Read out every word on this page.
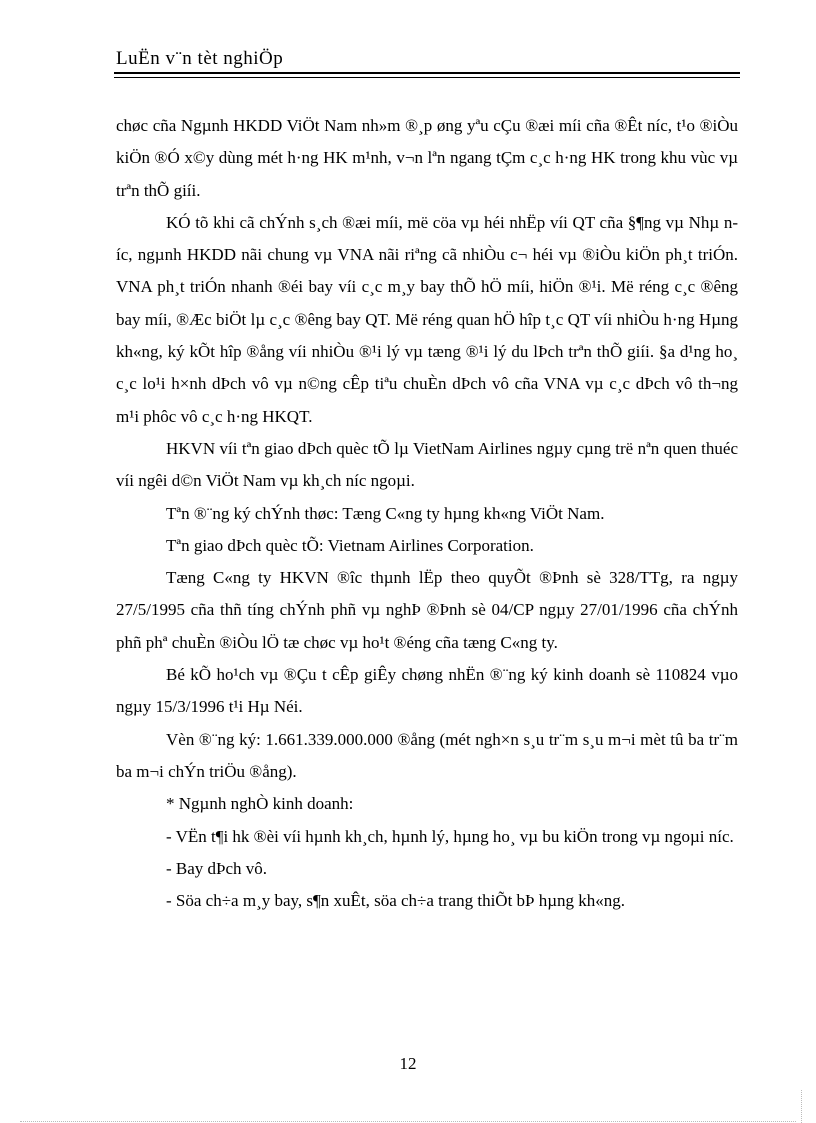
LuËn v¨n tèt nghiÖp

chøc cña Ngµnh HKDD ViÖt Nam nh»m ®¸p øng yªu cÇu ®æi míi cña ®Êt níc, t¹o ®iÒu kiÖn ®Ó x©y dùng mét h·ng HK m¹nh, v¬n lªn ngang tÇm c¸c h·ng HK trong khu vùc vµ trªn thÕ giíi.

KÓ tõ khi cã chÝnh s¸ch ®æi míi, më cöa vµ héi nhËp víi QT cña §¶ng vµ Nhµ níc, ngµnh HKDD nãi chung vµ VNA nãi riªng cã nhiÒu c¬ héi vµ ®iÒu kiÖn ph¸t triÓn. VNA ph¸t triÓn nhanh ®éi bay víi c¸c m¸y bay thÕ hÖ míi, hiÖn ®¹i. Më réng c¸c ®êng bay míi, ®Æc biÖt lµ c¸c ®êng bay QT. Më réng quan hÖ hîp t¸c QT víi nhiÒu h·ng Hµng kh«ng, ký kÕt hîp ®ång víi nhiÒu ®¹i lý vµ tæng ®¹i lý du lÞch trªn thÕ giíi. §a d¹ng ho¸ c¸c lo¹i h×nh dÞch vô vµ n©ng cÊp tiªu chuÈn dÞch vô cña VNA vµ c¸c dÞch vô th¬ng m¹i phôc vô c¸c h·ng HKQT.

HKVN víi tªn giao dÞch quèc tÕ lµ VietNam Airlines ngµy cµng trë nªn quen thuéc víi ngêi d©n ViÖt Nam vµ kh¸ch níc ngoµi.

Tªn ®¨ng ký chÝnh thøc: Tæng C«ng ty hµng kh«ng ViÖt Nam.

Tªn giao dÞch quèc tÕ: Vietnam Airlines Corporation.

Tæng C«ng ty HKVN ®îc thµnh lËp theo quyÕt ®Þnh sè 328/TTg, ra ngµy 27/5/1995 cña thñ tíng chÝnh phñ vµ nghÞ ®Þnh sè 04/CP ngµy 27/01/1996 cña chÝnh phñ phª chuÈn ®iÒu lÖ tæ chøc vµ ho¹t ®éng cña tæng C«ng ty.

Bé kÕ ho¹ch vµ ®Çu t cÊp giÊy chøng nhËn ®¨ng ký kinh doanh sè 110824 vµo ngµy 15/3/1996 t¹i Hµ Néi.

Vèn ®¨ng ký: 1.661.339.000.000 ®ång (mét ngh×n s¸u tr¨m s¸u m¬i mèt tû ba tr¨m ba m¬i chÝn triÖu ®ång).

* Ngµnh nghÒ kinh doanh:

- VËn t¶i hk ®èi víi hµnh kh¸ch, hµnh lý, hµng ho¸ vµ bu kiÖn trong vµ ngoµi níc.

- Bay dÞch vô.

- Söa ch÷a m¸y bay, s¶n xuÊt, söa ch÷a trang thiÕt bÞ hµng kh«ng.

12
